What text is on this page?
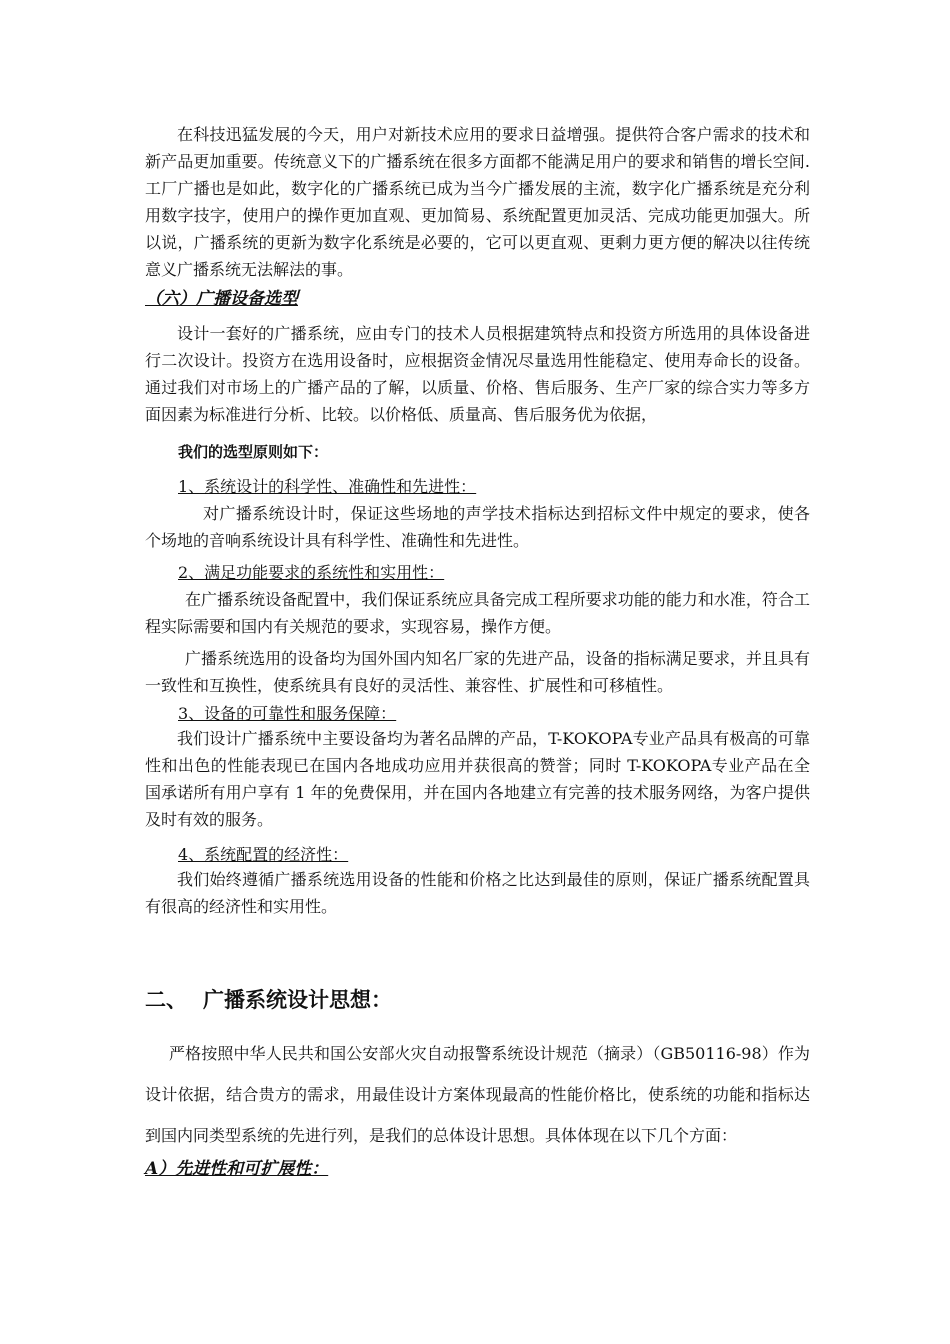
在科技迅猛发展的今天，用户对新技术应用的要求日益增强。提供符合客户需求的技术和新产品更加重要。传统意义下的广播系统在很多方面都不能满足用户的要求和销售的增长空间.工厂广播也是如此，数字化的广播系统已成为当今广播发展的主流，数字化广播系统是充分利用数字技字，使用户的操作更加直观、更加简易、系统配置更加灵活、完成功能更加强大。所以说，广播系统的更新为数字化系统是必要的，它可以更直观、更剩力更方便的解决以往传统意义广播系统无法解法的事。

（六）广播设备选型

设计一套好的广播系统，应由专门的技术人员根据建筑特点和投资方所选用的具体设备进行二次设计。投资方在选用设备时，应根据资金情况尽量选用性能稳定、使用寿命长的设备。通过我们对市场上的广播产品的了解，以质量、价格、售后服务、生产厂家的综合实力等多方面因素为标准进行分析、比较。以价格低、质量高、售后服务优为依据，

我们的选型原则如下：
1、系统设计的科学性、准确性和先进性：

对广播系统设计时，保证这些场地的声学技术指标达到招标文件中规定的要求，使各个场地的音响系统设计具有科学性、准确性和先进性。

2、满足功能要求的系统性和实用性：

在广播系统设备配置中，我们保证系统应具备完成工程所要求功能的能力和水准，符合工程实际需要和国内有关规范的要求，实现容易，操作方便。

广播系统选用的设备均为国外国内知名厂家的先进产品，设备的指标满足要求，并且具有一致性和互换性，使系统具有良好的灵活性、兼容性、扩展性和可移植性。

3、设备的可靠性和服务保障：

我们设计广播系统中主要设备均为著名品牌的产品，T-KOKOPA专业产品具有极高的可靠性和出色的性能表现已在国内各地成功应用并获很高的赞誉；同时 T-KOKOPA专业产品在全国承诺所有用户享有 1 年的免费保用，并在国内各地建立有完善的技术服务网络，为客户提供及时有效的服务。

4、系统配置的经济性：

我们始终遵循广播系统选用设备的性能和价格之比达到最佳的原则，保证广播系统配置具有很高的经济性和实用性。

二、 广播系统设计思想：

严格按照中华人民共和国公安部火灾自动报警系统设计规范（摘录）（GB50116-98）作为设计依据，结合贵方的需求，用最佳设计方案体现最高的性能价格比，使系统的功能和指标达到国内同类型系统的先进行列，是我们的总体设计思想。具体体现在以下几个方面：

A）先进性和可扩展性：
